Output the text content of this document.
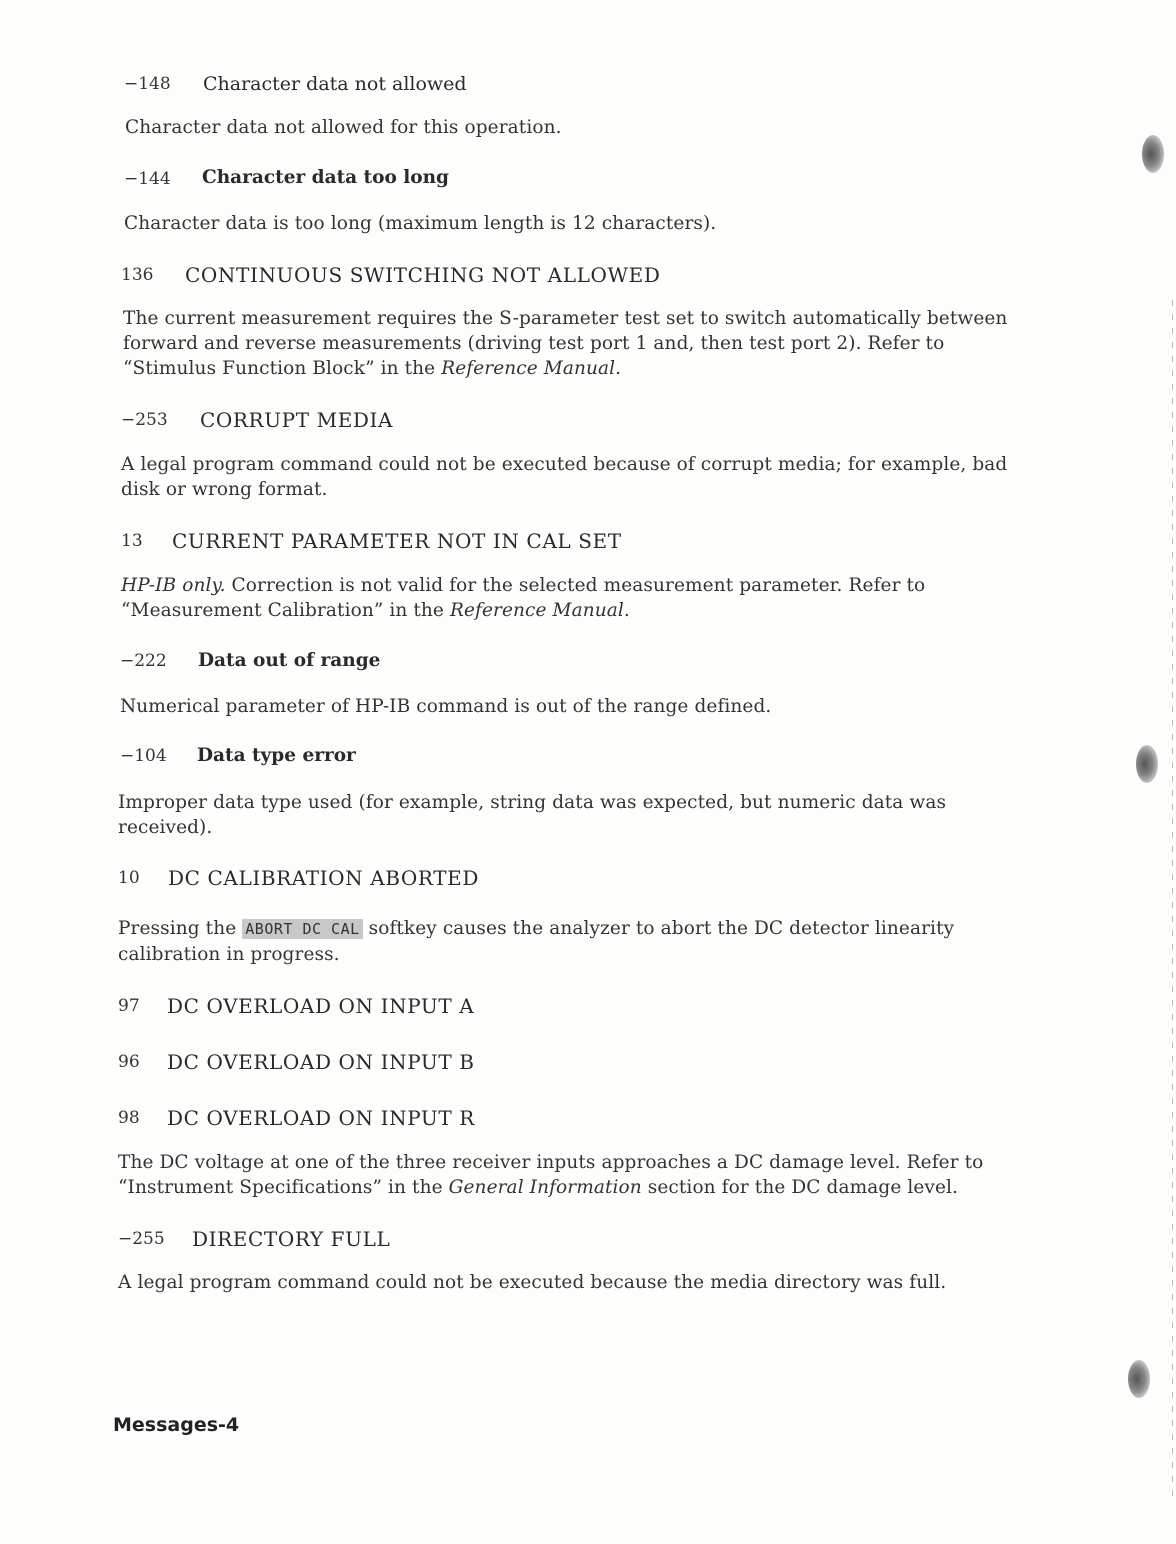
−148 Character data not allowed

Character data not allowed for this operation.

−144 Character data too long

Character data is too long (maximum length is 12 characters).

136 CONTINUOUS SWITCHING NOT ALLOWED

The current measurement requires the S-parameter test set to switch automatically between

forward and reverse measurements (driving test port 1 and, then test port 2). Refer to

“Stimulus Function Block” in the Reference Manual.

−253 CORRUPT MEDIA

A legal program command could not be executed because of corrupt media; for example, bad

disk or wrong format.

13 CURRENT PARAMETER NOT IN CAL SET

HP-IB only. Correction is not valid for the selected measurement parameter. Refer to

“Measurement Calibration” in the Reference Manual.

−222 Data out of range

Numerical parameter of HP-IB command is out of the range defined.

−104 Data type error

Improper data type used (for example, string data was expected, but numeric data was

received).

10 DC CALIBRATION ABORTED

Pressing the ABORT DC CAL softkey causes the analyzer to abort the DC detector linearity

calibration in progress.

97 DC OVERLOAD ON INPUT A
96 DC OVERLOAD ON INPUT B
98 DC OVERLOAD ON INPUT R

The DC voltage at one of the three receiver inputs approaches a DC damage level. Refer to

“Instrument Specifications” in the General Information section for the DC damage level.

−255 DIRECTORY FULL

A legal program command could not be executed because the media directory was full.

Messages-4
